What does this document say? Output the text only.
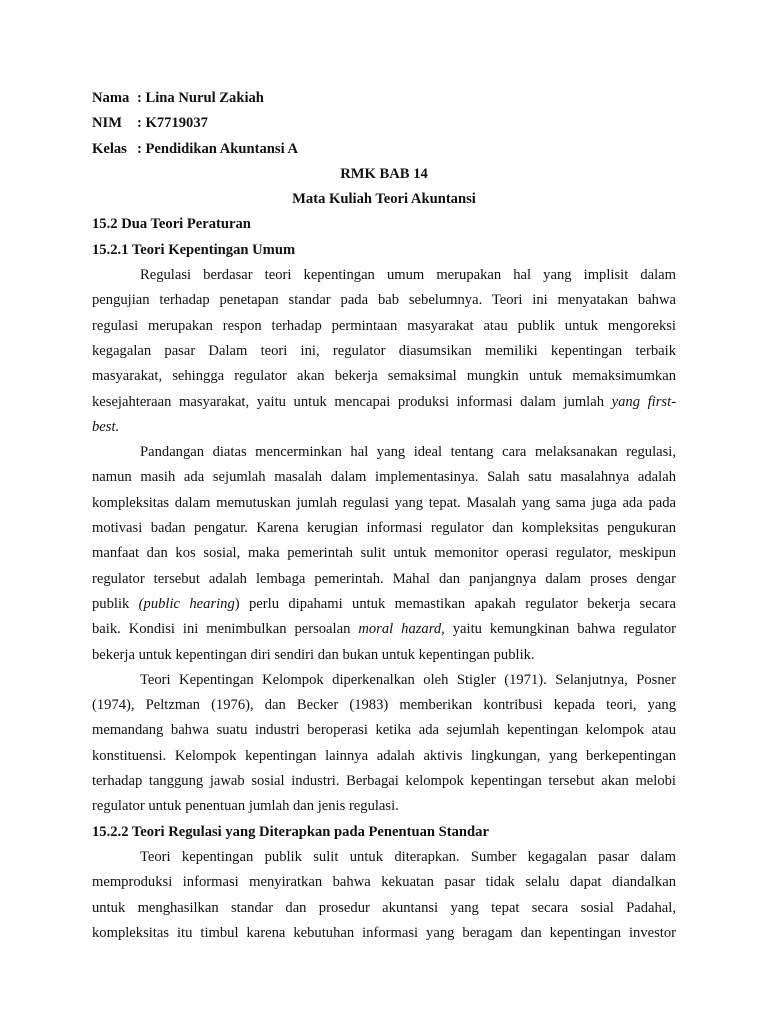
Nama : Lina Nurul Zakiah
NIM	: K7719037
Kelas : Pendidikan Akuntansi A
RMK BAB 14
Mata Kuliah Teori Akuntansi
15.2 Dua Teori Peraturan
15.2.1 Teori Kepentingan Umum
Regulasi berdasar teori kepentingan umum merupakan hal yang implisit dalam
pengujian terhadap penetapan standar pada bab sebelumnya. Teori ini menyatakan bahwa
regulasi merupakan respon terhadap permintaan masyarakat atau publik untuk mengoreksi
kegagalan pasar Dalam teori ini, regulator diasumsikan memiliki kepentingan terbaik
masyarakat, sehingga regulator akan bekerja semaksimal mungkin untuk memaksimumkan
kesejahteraan masyarakat, yaitu untuk mencapai produksi informasi dalam jumlah yang first-
best.
Pandangan diatas mencerminkan hal yang ideal tentang cara melaksanakan regulasi,
namun masih ada sejumlah masalah dalam implementasinya. Salah satu masalahnya adalah
kompleksitas dalam memutuskan jumlah regulasi yang tepat. Masalah yang sama juga ada pada
motivasi badan pengatur. Karena kerugian informasi regulator dan kompleksitas pengukuran
manfaat dan kos sosial, maka pemerintah sulit untuk memonitor operasi regulator, meskipun
regulator tersebut adalah lembaga pemerintah. Mahal dan panjangnya dalam proses dengar
publik (public hearing) perlu dipahami untuk memastikan apakah regulator bekerja secara
baik. Kondisi ini menimbulkan persoalan moral hazard, yaitu kemungkinan bahwa regulator
bekerja untuk kepentingan diri sendiri dan bukan untuk kepentingan publik.
Teori Kepentingan Kelompok diperkenalkan oleh Stigler (1971). Selanjutnya, Posner
(1974), Peltzman (1976), dan Becker (1983) memberikan kontribusi kepada teori, yang
memandang bahwa suatu industri beroperasi ketika ada sejumlah kepentingan kelompok atau
konstituensi. Kelompok kepentingan lainnya adalah aktivis lingkungan, yang berkepentingan
terhadap tanggung jawab sosial industri. Berbagai kelompok kepentingan tersebut akan melobi
regulator untuk penentuan jumlah dan jenis regulasi.
15.2.2 Teori Regulasi yang Diterapkan pada Penentuan Standar
Teori kepentingan publik sulit untuk diterapkan. Sumber kegagalan pasar dalam
memproduksi informasi menyiratkan bahwa kekuatan pasar tidak selalu dapat diandalkan
untuk menghasilkan standar dan prosedur akuntansi yang tepat secara sosial Padahal,
kompleksitas itu timbul karena kebutuhan informasi yang beragam dan kepentingan investor
